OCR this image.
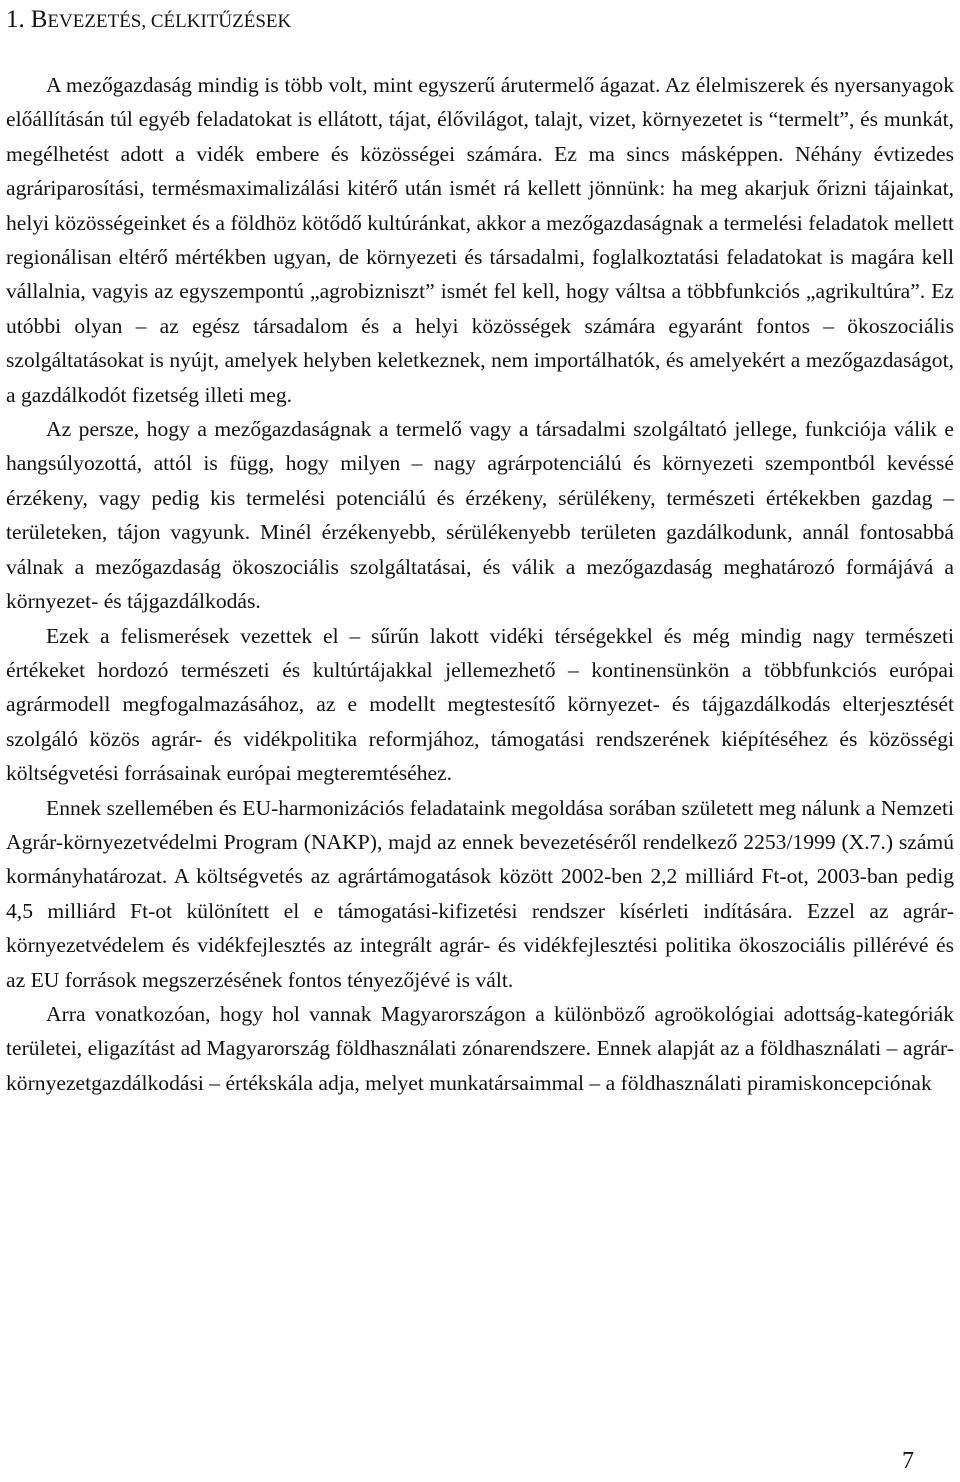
1. BEVEZETÉS, CÉLKITŰZÉSEK

A mezőgazdaság mindig is több volt, mint egyszerű árutermelő ágazat. Az élelmiszerek és nyersanyagok előállításán túl egyéb feladatokat is ellátott, tájat, élővilágot, talajt, vizet, környezetet is “termelt”, és munkát, megélhetést adott a vidék embere és közösségei számára. Ez ma sincs másképpen. Néhány évtizedes agráriparosítási, termésmaximalizálási kitérő után ismét rá kellett jönnünk: ha meg akarjuk őrizni tájainkat, helyi közösségeinket és a földhöz kötődő kultúránkat, akkor a mezőgazdaságnak a termelési feladatok mellett regionálisan eltérő mértékben ugyan, de környezeti és társadalmi, foglalkoztatási feladatokat is magára kell vállalnia, vagyis az egyszempontú „agrobizniszt” ismét fel kell, hogy váltsa a többfunkciós „agrikultúra”. Ez utóbbi olyan – az egész társadalom és a helyi közösségek számára egyaránt fontos – ökoszociális szolgáltatásokat is nyújt, amelyek helyben keletkeznek, nem importálhatók, és amelyekért a mezőgazdaságot, a gazdálkodót fizetség illeti meg.

Az persze, hogy a mezőgazdaságnak a termelő vagy a társadalmi szolgáltató jellege, funkciója válik e hangsúlyozottá, attól is függ, hogy milyen – nagy agrárpotenciálú és környezeti szempontból kevéssé érzékeny, vagy pedig kis termelési potenciálú és érzékeny, sérülékeny, természeti értékekben gazdag – területeken, tájon vagyunk. Minél érzékenyebb, sérülékenyebb területen gazdálkodunk, annál fontosabbá válnak a mezőgazdaság ökoszociális szolgáltatásai, és válik a mezőgazdaság meghatározó formájává a környezet- és tájgazdálkodás.

Ezek a felismerések vezettek el – sűrűn lakott vidéki térségekkel és még mindig nagy természeti értékeket hordozó természeti és kultúrtájakkal jellemezhető – kontinensünkön a többfunkciós európai agrármodell megfogalmazásához, az e modellt megtestesítő környezet- és tájgazdálkodás elterjesztését szolgáló közös agrár- és vidékpolitika reformjához, támogatási rendszerének kiépítéséhez és közösségi költségvetési forrásainak európai megteremtéséhez.

Ennek szellemében és EU-harmonizációs feladataink megoldása sorában született meg nálunk a Nemzeti Agrár-környezetvédelmi Program (NAKP), majd az ennek bevezetéséről rendelkező 2253/1999 (X.7.) számú kormányhatározat. A költségvetés az agrártámogatások között 2002-ben 2,2 milliárd Ft-ot, 2003-ban pedig 4,5 milliárd Ft-ot különített el e támogatási-kifizetési rendszer kísérleti indítására. Ezzel az agrár-környezetvédelem és vidékfejlesztés az integrált agrár- és vidékfejlesztési politika ökoszociális pillérévé és az EU források megszerzésének fontos tényezőjévé is vált.

Arra vonatkozóan, hogy hol vannak Magyarországon a különböző agroökológiai adottság-kategóriák területei, eligazítást ad Magyarország földhasználati zónarendszere. Ennek alapját az a földhasználati – agrár-környezetgazdálkodási – értékskála adja, melyet munkatársaimmal – a földhasználati piramiskoncepciónak

7
